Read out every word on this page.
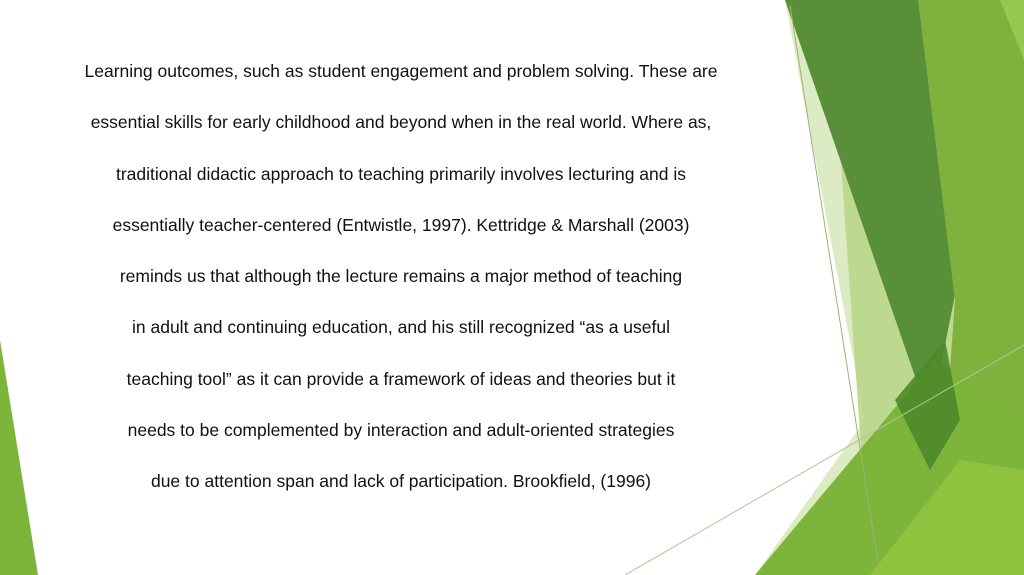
Learning outcomes, such as student engagement and problem solving. These are
essential skills for early childhood and beyond when in the real world. Where as,
traditional didactic approach to teaching primarily involves lecturing and is
essentially teacher-centered (Entwistle, 1997). Kettridge & Marshall (2003)
reminds us that although the lecture remains a major method of teaching
in adult and continuing education, and his still recognized “as a useful
teaching tool” as it can provide a framework of ideas and theories but it
needs to be complemented by interaction and adult-oriented strategies
due to attention span and lack of participation. Brookfield, (1996)
